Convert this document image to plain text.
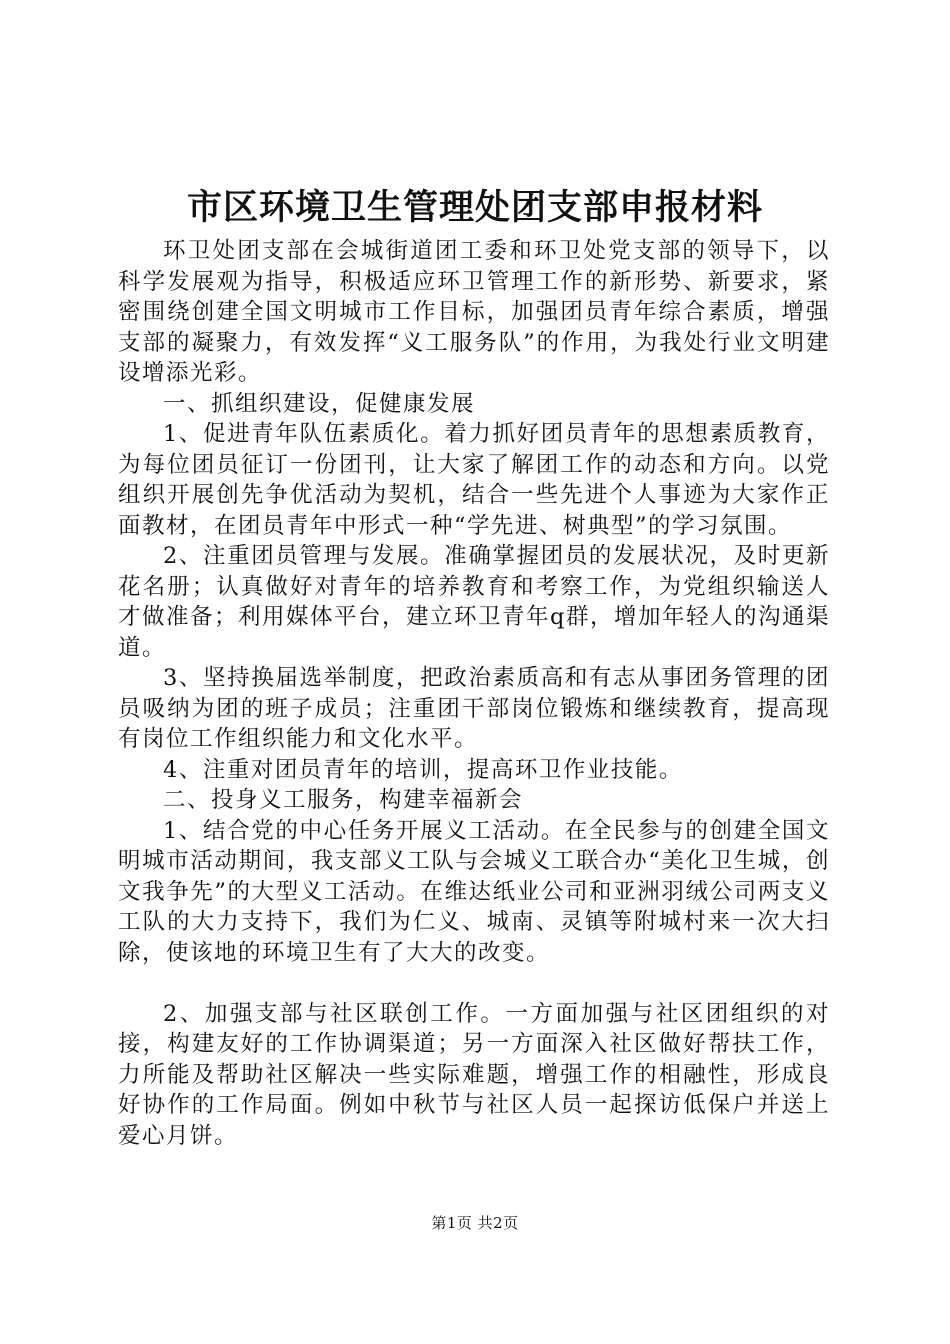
市区环境卫生管理处团支部申报材料

环卫处团支部在会城街道团工委和环卫处党支部的领导下，以科学发展观为指导，积极适应环卫管理工作的新形势、新要求，紧密围绕创建全国文明城市工作目标，加强团员青年综合素质，增强支部的凝聚力，有效发挥“义工服务队”的作用，为我处行业文明建设增添光彩。

一、抓组织建设，促健康发展

1、促进青年队伍素质化。着力抓好团员青年的思想素质教育，为每位团员征订一份团刊，让大家了解团工作的动态和方向。以党组织开展创先争优活动为契机，结合一些先进个人事迹为大家作正面教材，在团员青年中形式一种“学先进、树典型”的学习氛围。

2、注重团员管理与发展。准确掌握团员的发展状况，及时更新花名册；认真做好对青年的培养教育和考察工作，为党组织输送人才做准备；利用媒体平台，建立环卫青年q群，增加年轻人的沟通渠道。

3、坚持换届选举制度，把政治素质高和有志从事团务管理的团员吸纳为团的班子成员；注重团干部岗位锻炼和继续教育，提高现有岗位工作组织能力和文化水平。

4、注重对团员青年的培训，提高环卫作业技能。

二、投身义工服务，构建幸福新会

1、结合党的中心任务开展义工活动。在全民参与的创建全国文明城市活动期间，我支部义工队与会城义工联合办“美化卫生城，创文我争先”的大型义工活动。在维达纸业公司和亚洲羽绒公司两支义工队的大力支持下，我们为仁义、城南、灵镇等附城村来一次大扫除，使该地的环境卫生有了大大的改变。

2、加强支部与社区联创工作。一方面加强与社区团组织的对接，构建友好的工作协调渠道；另一方面深入社区做好帮扶工作，力所能及帮助社区解决一些实际难题，增强工作的相融性，形成良好协作的工作局面。例如中秋节与社区人员一起探访低保户并送上爱心月饼。

第1页 共2页
